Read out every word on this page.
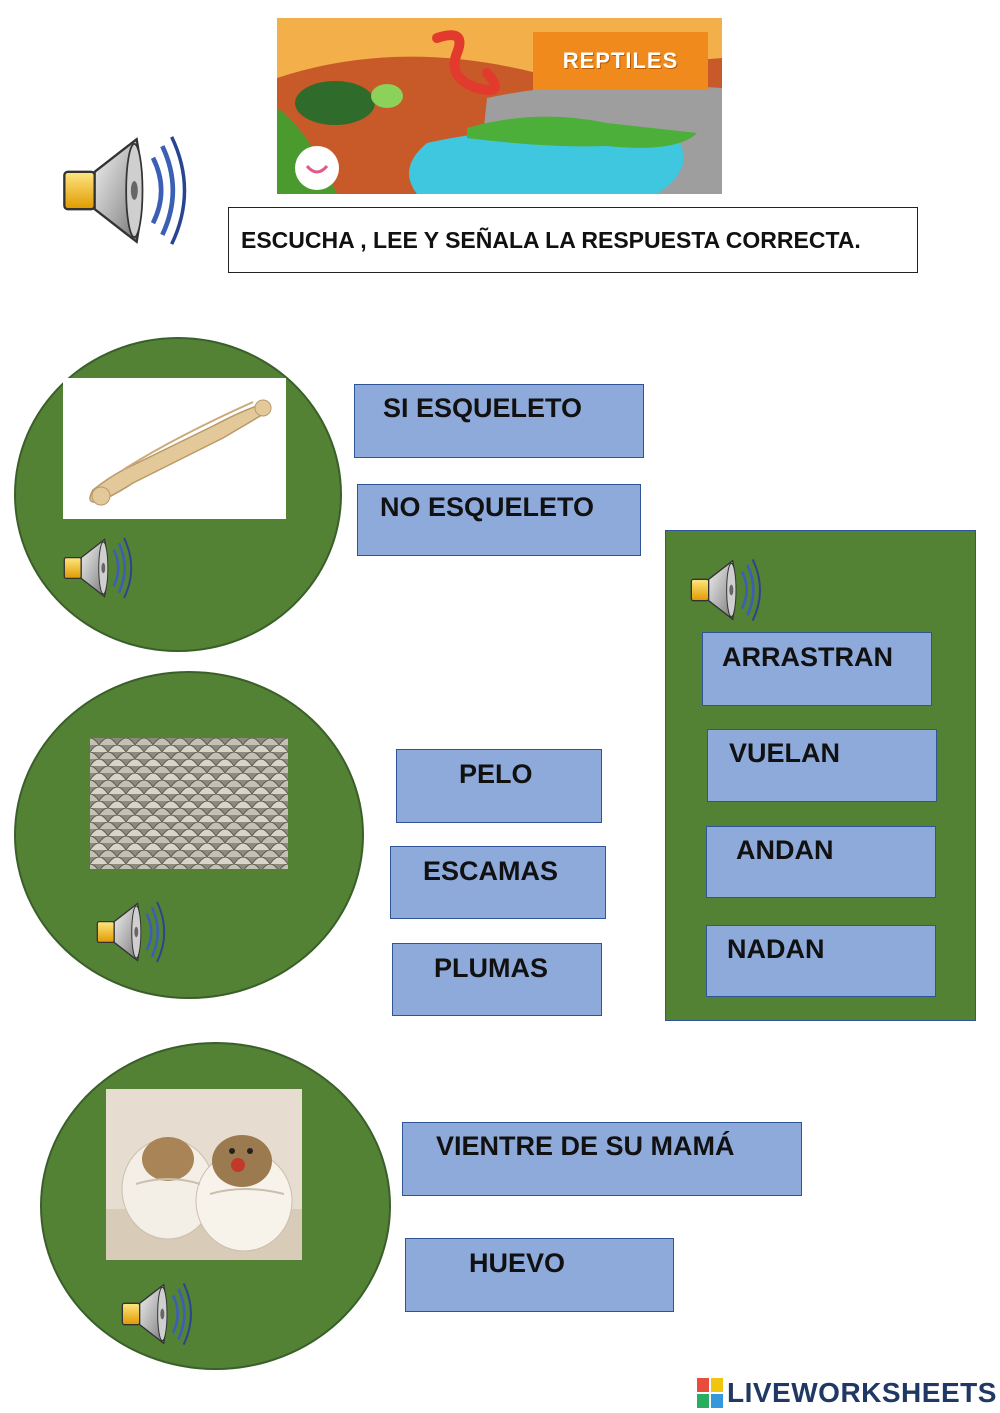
REPTILES
ESCUCHA , LEE Y SEÑALA LA RESPUESTA CORRECTA.
SI ESQUELETO
NO ESQUELETO
PELO
ESCAMAS
PLUMAS
ARRASTRAN
VUELAN
ANDAN
NADAN
VIENTRE DE SU MAMÁ
HUEVO
LIVEWORKSHEETS
